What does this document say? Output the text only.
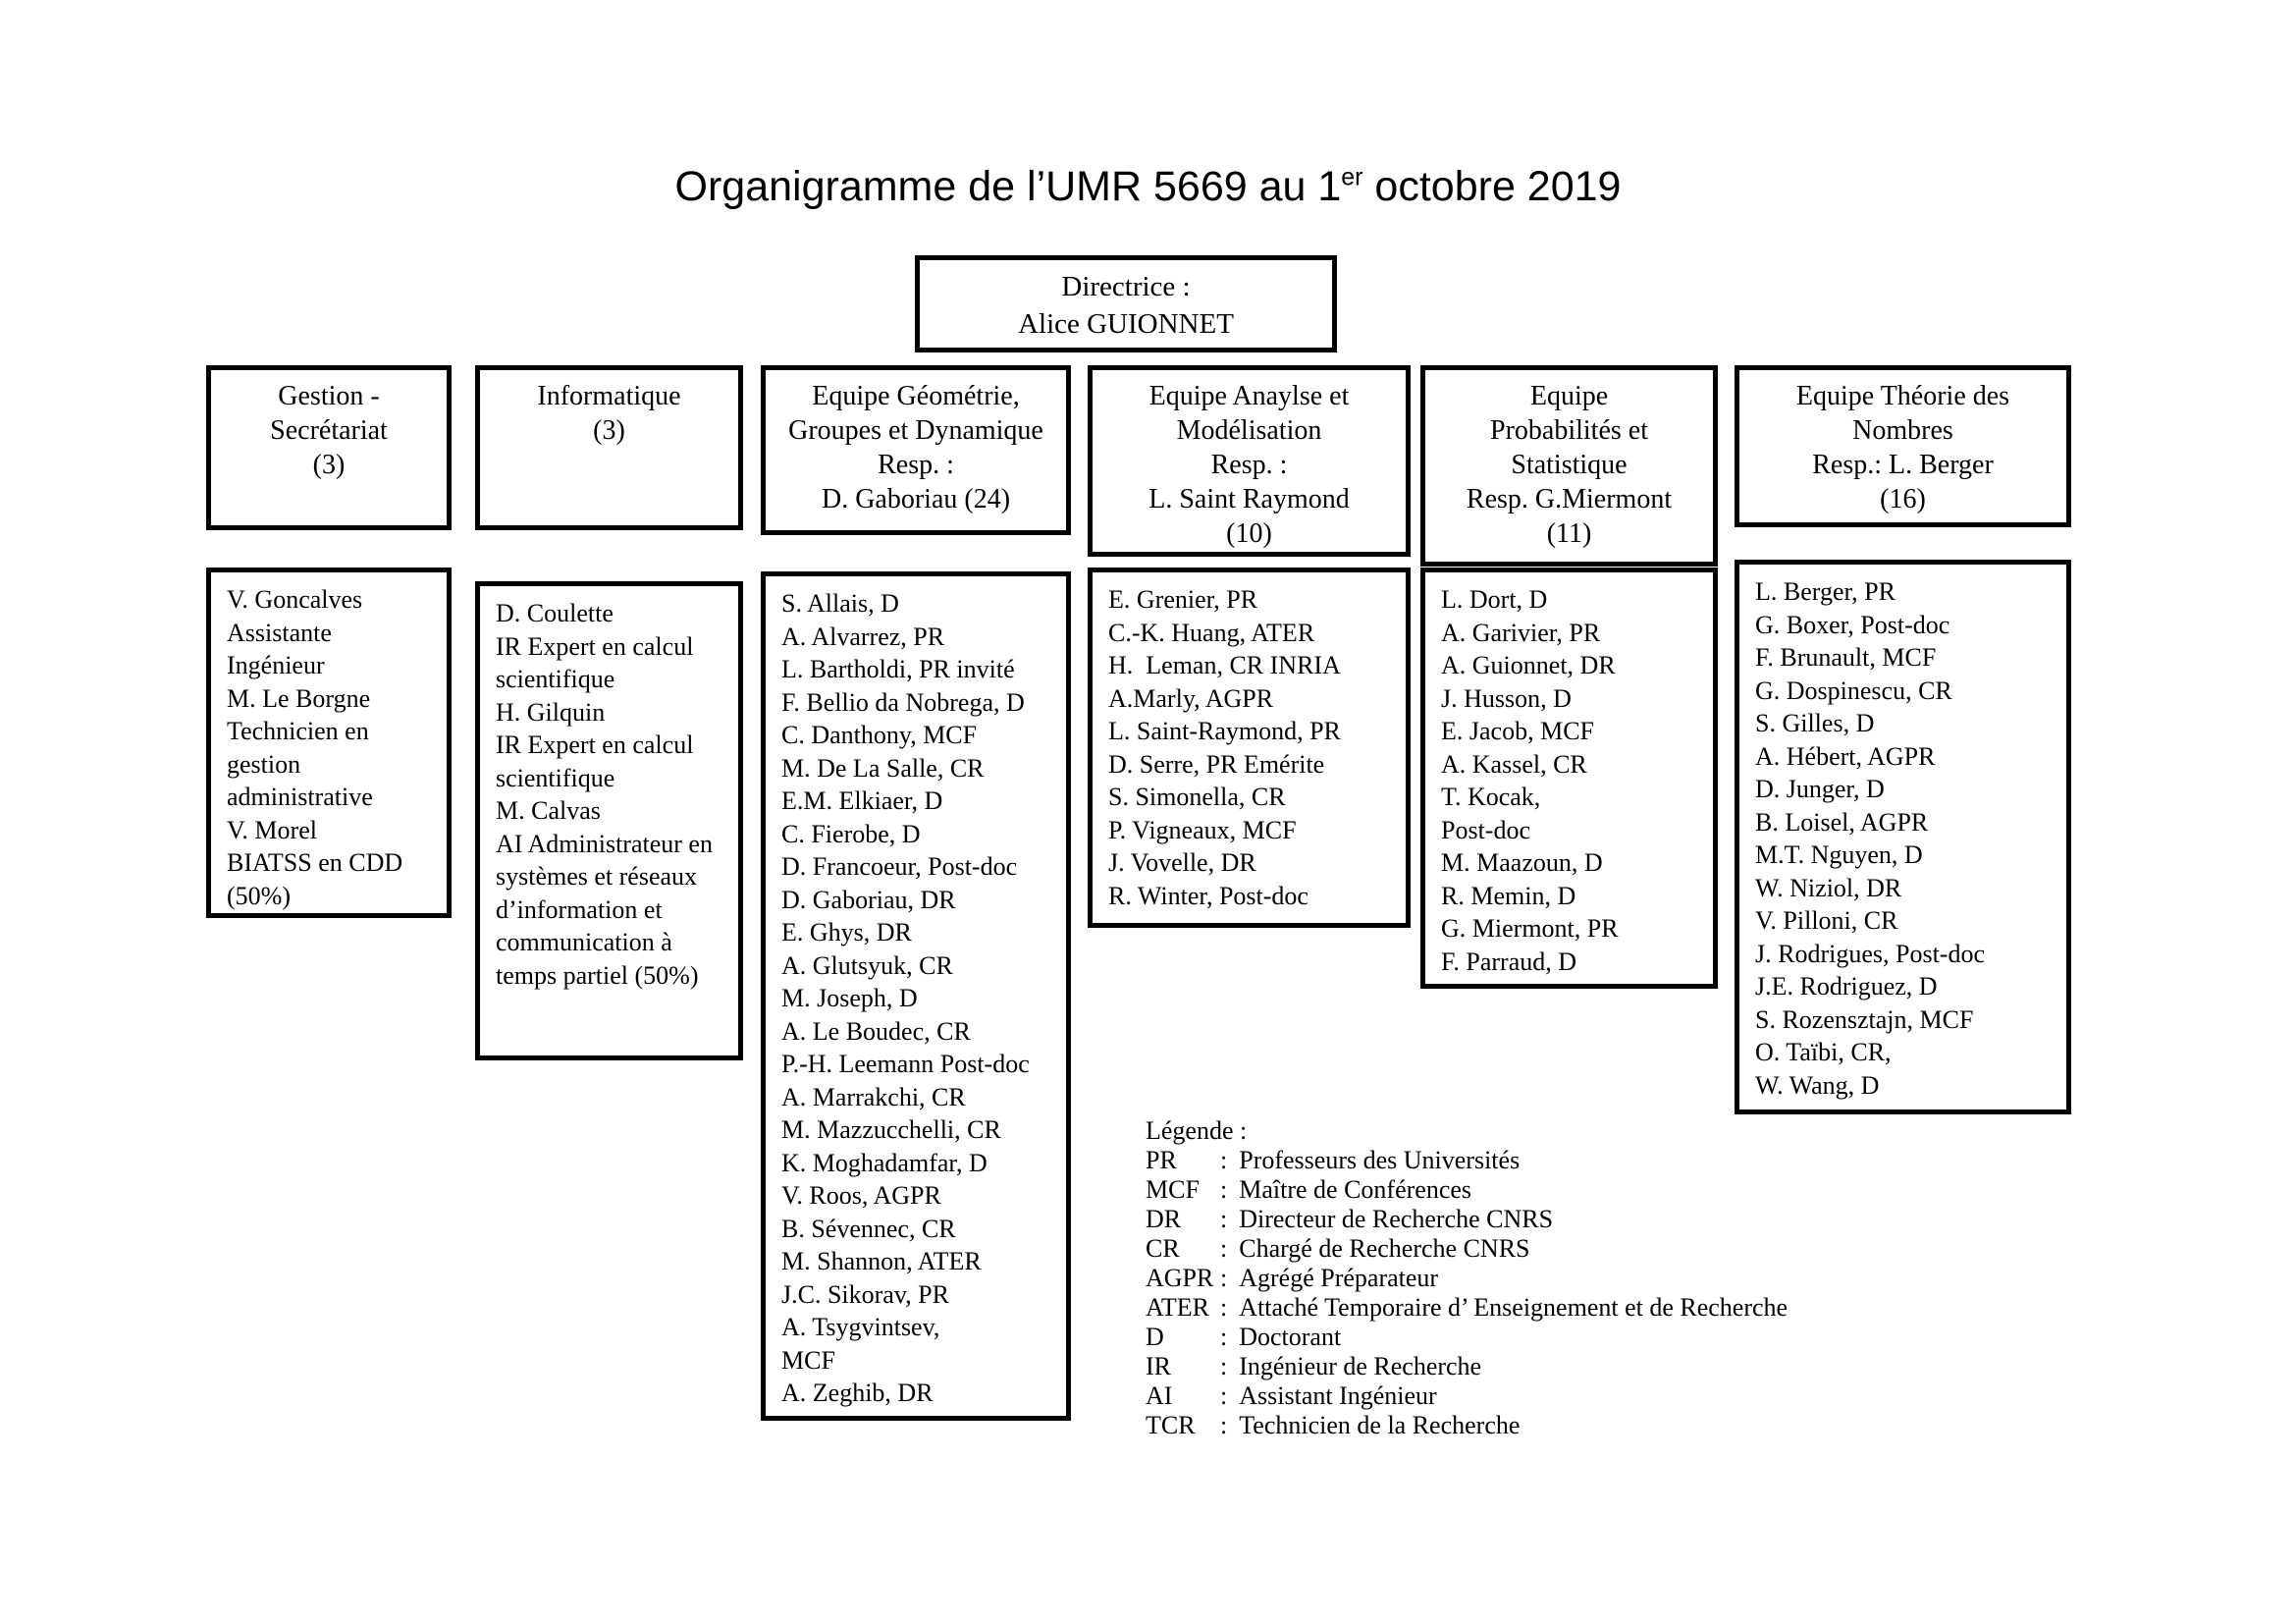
Organigramme de l’UMR 5669 au 1er octobre 2019
Directrice :
Alice GUIONNET
Gestion -
Secrétariat
(3)
V. Goncalves
Assistante
Ingénieur
M. Le Borgne
Technicien en
gestion
administrative
V. Morel
BIATSS en CDD
(50%)
Informatique
(3)
D. Coulette
IR Expert en calcul
scientifique
H. Gilquin
IR Expert en calcul
scientifique
M. Calvas
AI Administrateur en
systèmes et réseaux
d’information et
communication à
temps partiel (50%)
Equipe Géométrie,
Groupes et Dynamique
Resp. :
D. Gaboriau (24)
S. Allais, D
A. Alvarrez, PR
L. Bartholdi, PR invité
F. Bellio da Nobrega, D
C. Danthony, MCF
M. De La Salle, CR
E.M. Elkiaer, D
C. Fierobe, D
D. Francoeur, Post-doc
D. Gaboriau, DR
E. Ghys, DR
A. Glutsyuk, CR
M. Joseph, D
A. Le Boudec, CR
P.-H. Leemann Post-doc
A. Marrakchi, CR
M. Mazzucchelli, CR
K. Moghadamfar, D
V. Roos, AGPR
B. Sévennec, CR
M. Shannon, ATER
J.C. Sikorav, PR
A. Tsygvintsev,
MCF
A. Zeghib, DR
Equipe Anaylse et
Modélisation
Resp. :
L. Saint Raymond
(10)
E. Grenier, PR
C.-K. Huang, ATER
H.  Leman, CR INRIA
A.Marly, AGPR
L. Saint-Raymond, PR
D. Serre, PR Emérite
S. Simonella, CR
P. Vigneaux, MCF
J. Vovelle, DR
R. Winter, Post-doc
Equipe
Probabilités et
Statistique
Resp. G.Miermont
(11)
L. Dort, D
A. Garivier, PR
A. Guionnet, DR
J. Husson, D
E. Jacob, MCF
A. Kassel, CR
T. Kocak,
Post-doc
M. Maazoun, D
R. Memin, D
G. Miermont, PR
F. Parraud, D
Equipe Théorie des
Nombres
Resp.: L. Berger
(16)
L. Berger, PR
G. Boxer, Post-doc
F. Brunault, MCF
G. Dospinescu, CR
S. Gilles, D
A. Hébert, AGPR
D. Junger, D
B. Loisel, AGPR
M.T. Nguyen, D
W. Niziol, DR
V. Pilloni, CR
J. Rodrigues, Post-doc
J.E. Rodriguez, D
S. Rozensztajn, MCF
O. Taïbi, CR,
W. Wang, D
Légende :
PR	: Professeurs des Universités
MCF : Maître de Conférences
DR	: Directeur de Recherche CNRS
CR	: Chargé de Recherche CNRS
AGPR : Agrégé Préparateur
ATER : Attaché Temporaire d’ Enseignement et de Recherche
D	: Doctorant
IR	: Ingénieur de Recherche
AI	: Assistant Ingénieur
TCR : Technicien de la Recherche
